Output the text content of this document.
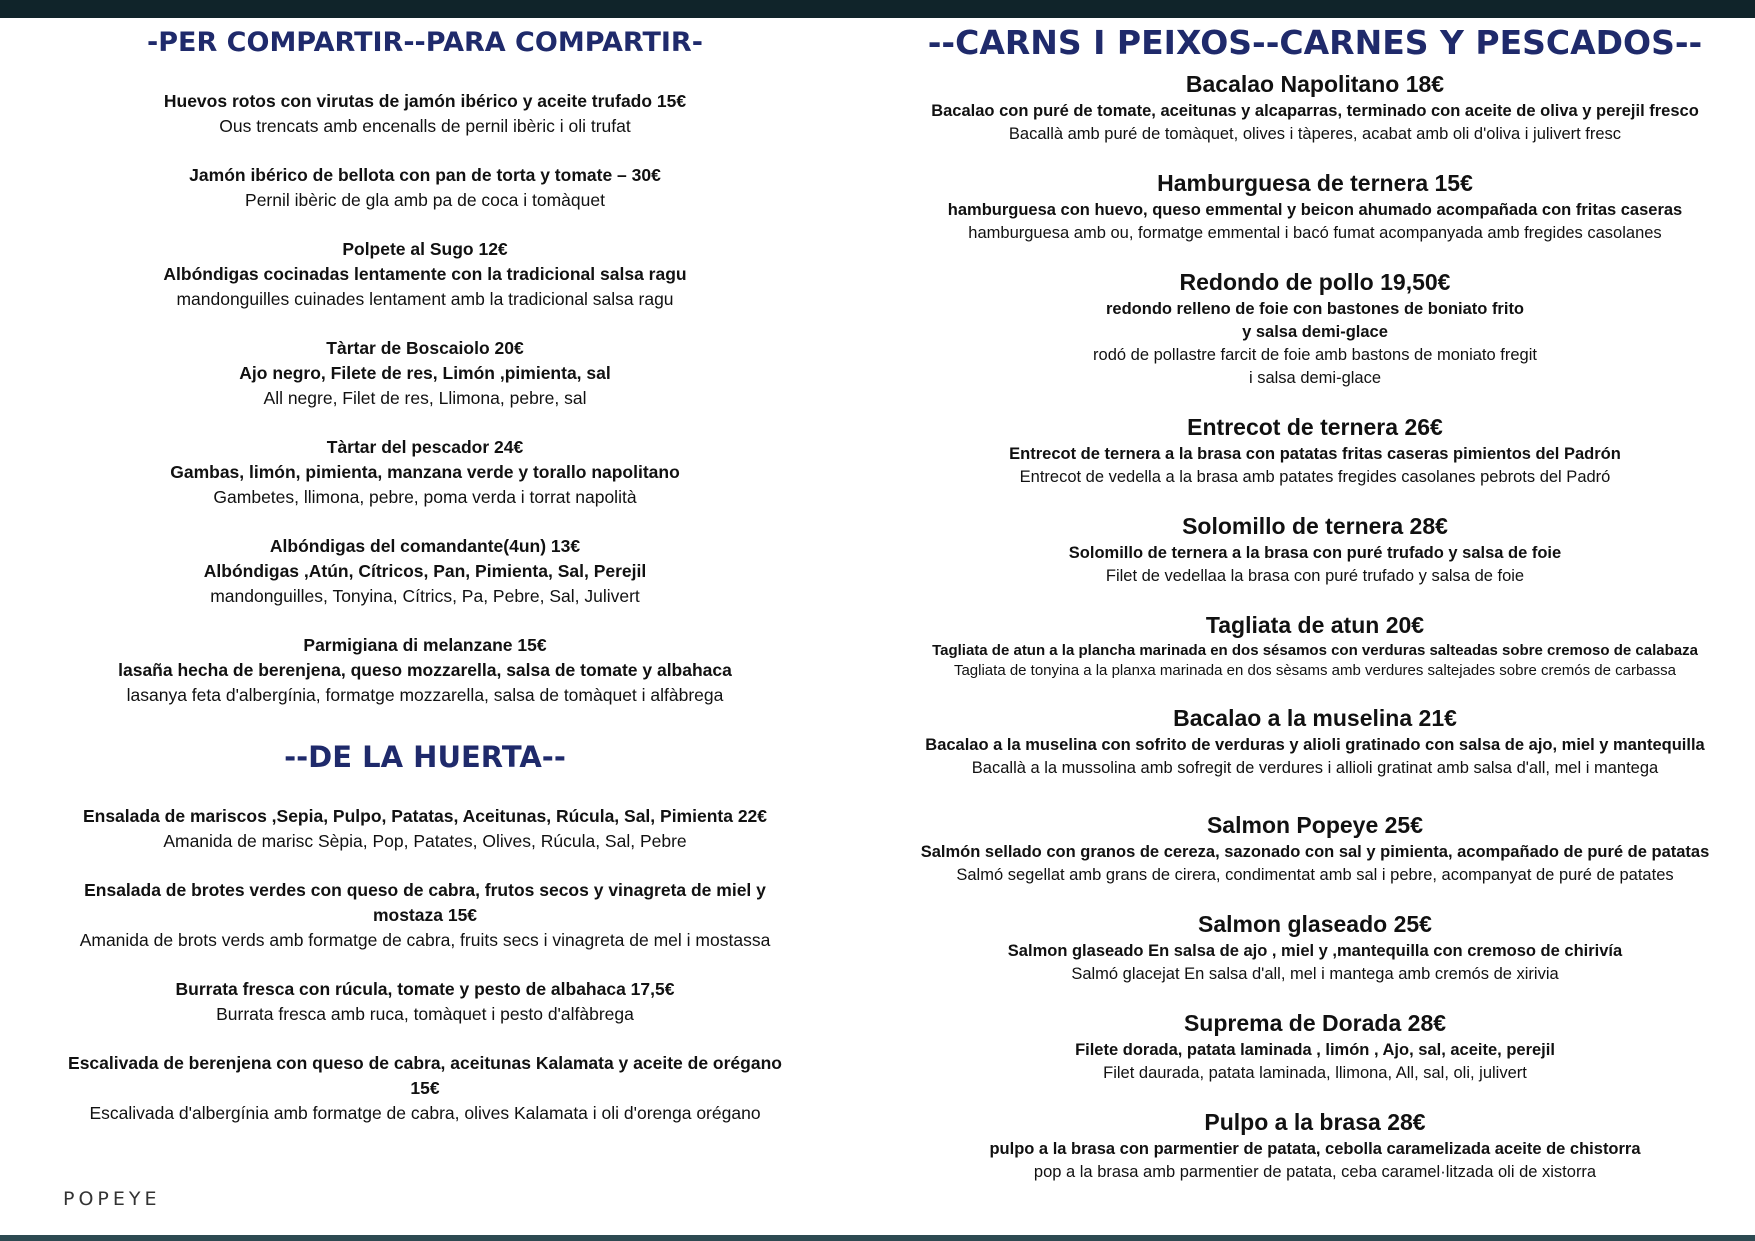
-PER COMPARTIR--PARA COMPARTIR-
Huevos rotos con virutas de jamón ibérico y aceite trufado 15€
Ous trencats amb encenalls de pernil ibèric i oli trufat
Jamón ibérico de bellota con pan de torta y tomate – 30€
Pernil ibèric de gla amb pa de coca i tomàquet
Polpete al Sugo 12€
Albóndigas cocinadas lentamente con la tradicional salsa ragu
mandonguilles cuinades lentament amb la tradicional salsa ragu
Tàrtar de Boscaiolo 20€
Ajo negro, Filete de res, Limón ,pimienta, sal
All negre, Filet de res, Llimona, pebre, sal
Tàrtar del pescador 24€
Gambas, limón, pimienta, manzana verde y torallo napolitano
Gambetes, llimona, pebre, poma verda i torrat napolità
Albóndigas del comandante(4un) 13€
Albóndigas ,Atún, Cítricos, Pan, Pimienta, Sal, Perejil
mandonguilles, Tonyina, Cítrics, Pa, Pebre, Sal, Julivert
Parmigiana di melanzane 15€
lasaña hecha de berenjena, queso mozzarella, salsa de tomate y albahaca
lasanya feta d'albergínia, formatge mozzarella, salsa de tomàquet i alfàbrega
--DE LA HUERTA--
Ensalada de mariscos ,Sepia, Pulpo, Patatas, Aceitunas, Rúcula, Sal, Pimienta 22€
Amanida de marisc Sèpia, Pop, Patates, Olives, Rúcula, Sal, Pebre
Ensalada de brotes verdes con queso de cabra, frutos secos y vinagreta de miel y
mostaza 15€
Amanida de brots verds amb formatge de cabra, fruits secs i vinagreta de mel i mostassa
Burrata fresca con rúcula, tomate y pesto de albahaca 17,5€
Burrata fresca amb ruca, tomàquet i pesto d'alfàbrega
Escalivada de berenjena con queso de cabra, aceitunas Kalamata y aceite de orégano
15€
Escalivada d'albergínia amb formatge de cabra, olives Kalamata i oli d'orenga orégano
POPEYE
--CARNS I PEIXOS--CARNES Y PESCADOS--
Bacalao Napolitano 18€
Bacalao con puré de tomate, aceitunas y alcaparras, terminado con aceite de oliva y perejil fresco
Bacallà amb puré de tomàquet, olives i tàperes, acabat amb oli d'oliva i julivert fresc
Hamburguesa de ternera 15€
hamburguesa con huevo, queso emmental y beicon ahumado acompañada con fritas caseras
hamburguesa amb ou, formatge emmental i bacó fumat acompanyada amb fregides casolanes
Redondo de pollo 19,50€
redondo relleno de foie con bastones de boniato frito
y salsa demi-glace
rodó de pollastre farcit de foie amb bastons de moniato fregit
i salsa demi-glace
Entrecot de ternera 26€
Entrecot de ternera a la brasa con patatas fritas caseras pimientos del Padrón
Entrecot de vedella a la brasa amb patates fregides casolanes pebrots del Padró
Solomillo de ternera 28€
Solomillo de ternera a la brasa con puré trufado y salsa de foie
Filet de vedellaa la brasa con puré trufado y salsa de foie
Tagliata de atun 20€
Tagliata de atun a la plancha marinada en dos sésamos con verduras salteadas sobre cremoso de calabaza
Tagliata de tonyina a la planxa marinada en dos sèsams amb verdures saltejades sobre cremós de carbassa
Bacalao a la muselina 21€
Bacalao a la muselina con sofrito de verduras y alioli gratinado con salsa de ajo, miel y mantequilla
Bacallà a la mussolina amb sofregit de verdures i allioli gratinat amb salsa d'all, mel i mantega
Salmon Popeye 25€
Salmón sellado con granos de cereza, sazonado con sal y pimienta, acompañado de puré de patatas
Salmó segellat amb grans de cirera, condimentat amb sal i pebre, acompanyat de puré de patates
Salmon glaseado 25€
Salmon glaseado En salsa de ajo , miel y ,mantequilla con cremoso de chirivía
Salmó glacejat En salsa d'all, mel i mantega amb cremós de xirivia
Suprema de Dorada 28€
Filete dorada, patata laminada , limón , Ajo, sal, aceite, perejil
Filet daurada, patata laminada, llimona, All, sal, oli, julivert
Pulpo a la brasa 28€
pulpo a la brasa con parmentier de patata, cebolla caramelizada aceite de chistorra
pop a la brasa amb parmentier de patata, ceba caramel·litzada oli de xistorra
